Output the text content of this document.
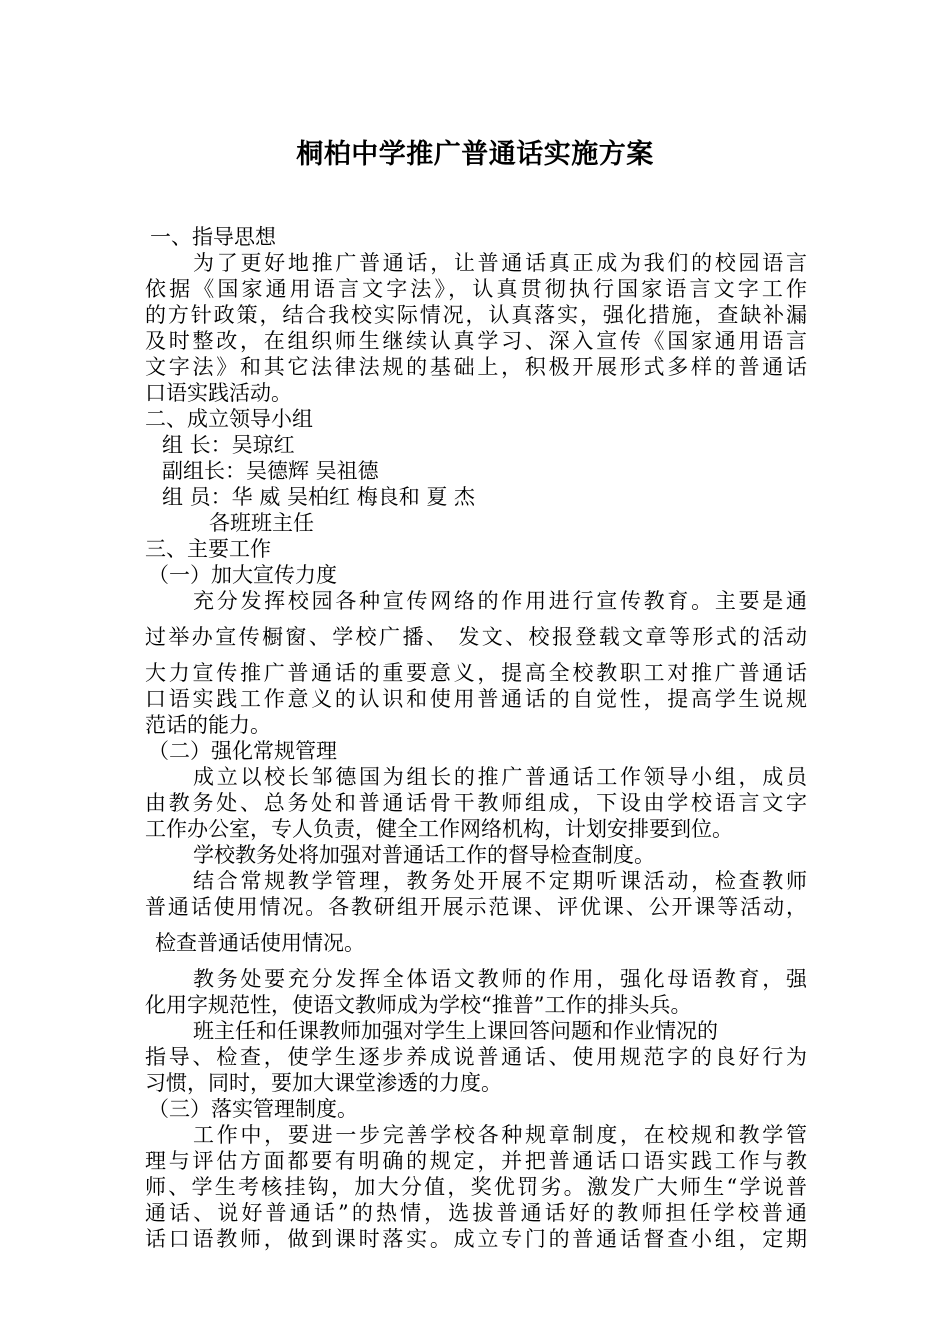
桐柏中学推广普通话实施方案
一、指导思想
为了更好地推广普通话，让普通话真正成为我们的校园语言
依据《国家通用语言文字法》，认真贯彻执行国家语言文字工作
的方针政策，结合我校实际情况，认真落实，强化措施，查缺补漏
及时整改，在组织师生继续认真学习、深入宣传《国家通用语言
文字法》和其它法律法规的基础上，积极开展形式多样的普通话
口语实践活动。
二、成立领导小组
组 长：吴琼红
副组长：吴德辉 吴祖德
组 员：华 威 吴柏红 梅良和 夏 杰
各班班主任
三、主要工作
（一）加大宣传力度
充分发挥校园各种宣传网络的作用进行宣传教育。主要是通
过举办宣传橱窗、学校广播、 发文、校报登载文章等形式的活动
大力宣传推广普通话的重要意义，提高全校教职工对推广普通话
口语实践工作意义的认识和使用普通话的自觉性，提高学生说规
范话的能力。
（二）强化常规管理
成立以校长邹德国为组长的推广普通话工作领导小组，成员
由教务处、总务处和普通话骨干教师组成，下设由学校语言文字
工作办公室，专人负责，健全工作网络机构，计划安排要到位。
学校教务处将加强对普通话工作的督导检查制度。
结合常规教学管理，教务处开展不定期听课活动，检查教师
普通话使用情况。各教研组开展示范课、评优课、公开课等活动，
检查普通话使用情况。
教务处要充分发挥全体语文教师的作用，强化母语教育，强
化用字规范性，使语文教师成为学校“推普”工作的排头兵。
班主任和任课教师加强对学生上课回答问题和作业情况的
指导、检查，使学生逐步养成说普通话、使用规范字的良好行为
习惯，同时，要加大课堂渗透的力度。
（三）落实管理制度。
工作中，要进一步完善学校各种规章制度，在校规和教学管
理与评估方面都要有明确的规定，并把普通话口语实践工作与教
师、学生考核挂钩，加大分值，奖优罚劣。激发广大师生“学说普
通话、说好普通话”的热情，选拔普通话好的教师担任学校普通
话口语教师，做到课时落实。成立专门的普通话督查小组，定期
